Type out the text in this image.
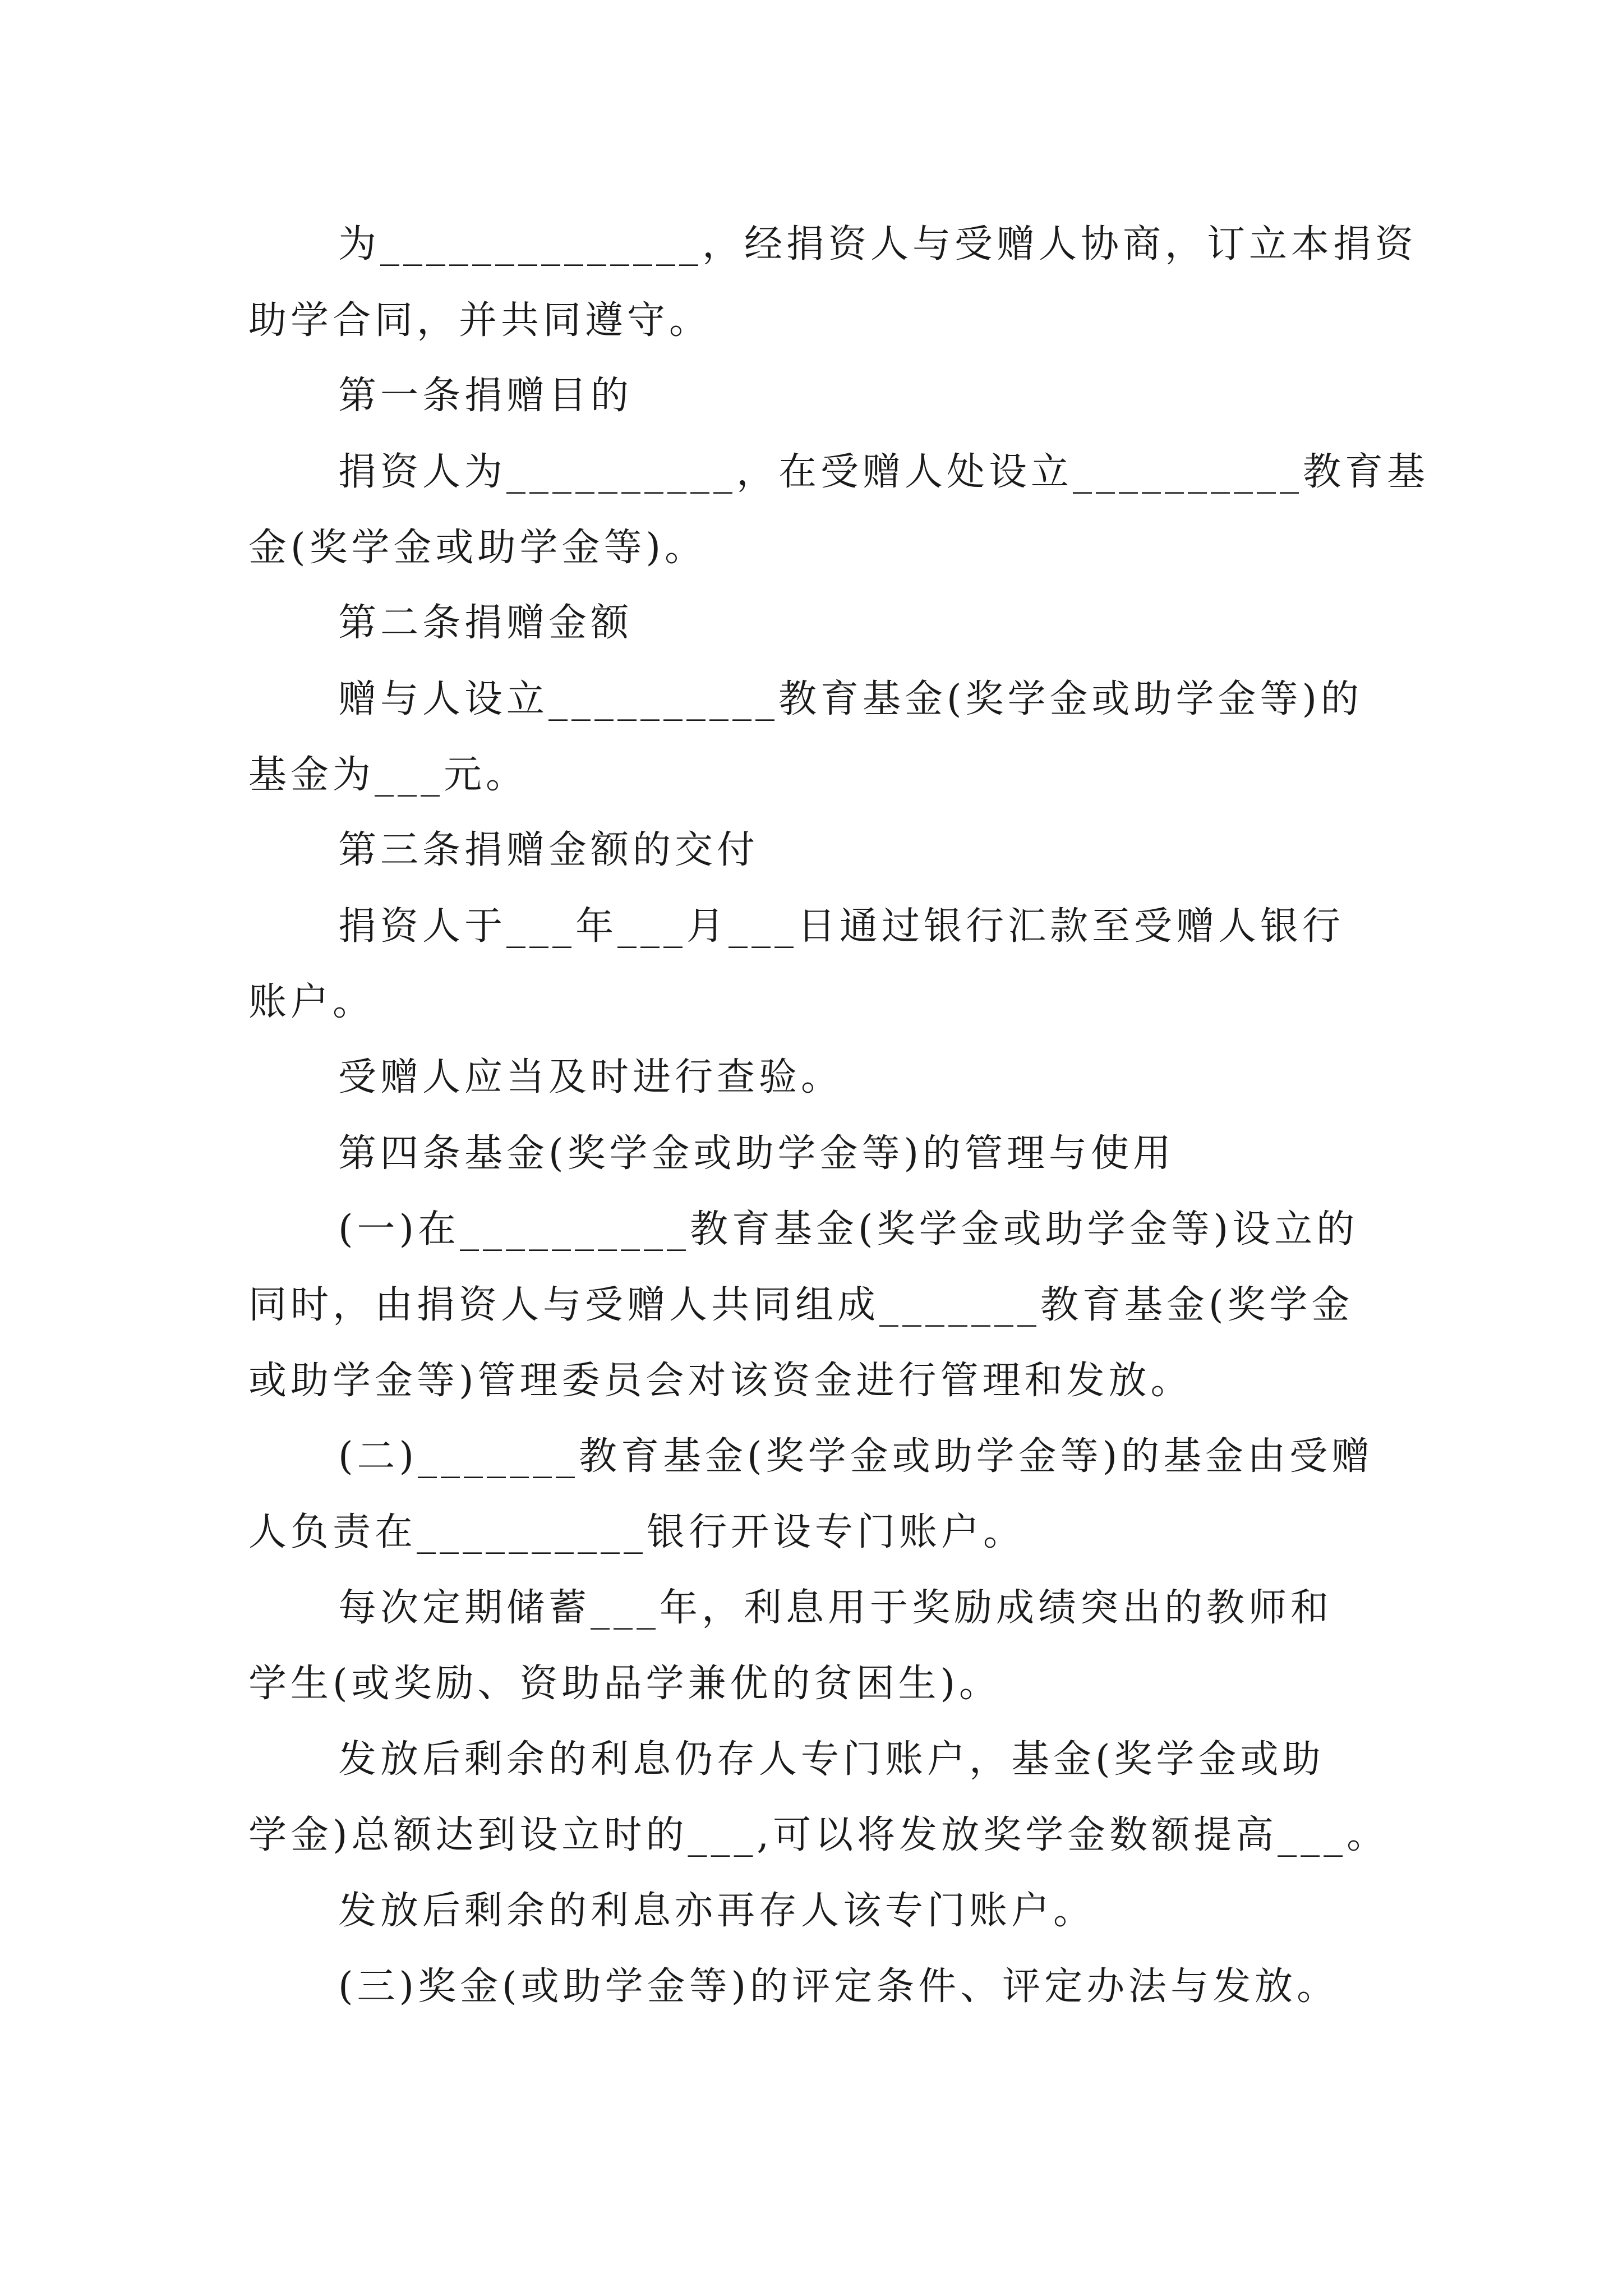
为______________，经捐资人与受赠人协商，订立本捐资
助学合同，并共同遵守。
第一条捐赠目的
捐资人为__________，在受赠人处设立__________教育基
金(奖学金或助学金等)。
第二条捐赠金额
赠与人设立__________教育基金(奖学金或助学金等)的
基金为___元。
第三条捐赠金额的交付
捐资人于___年___月___日通过银行汇款至受赠人银行
账户。
受赠人应当及时进行查验。
第四条基金(奖学金或助学金等)的管理与使用
(一)在__________教育基金(奖学金或助学金等)设立的
同时，由捐资人与受赠人共同组成_______教育基金(奖学金
或助学金等)管理委员会对该资金进行管理和发放。
(二)_______教育基金(奖学金或助学金等)的基金由受赠
人负责在__________银行开设专门账户。
每次定期储蓄___年，利息用于奖励成绩突出的教师和
学生(或奖励、资助品学兼优的贫困生)。
发放后剩余的利息仍存人专门账户，基金(奖学金或助
学金)总额达到设立时的___,可以将发放奖学金数额提高___。
发放后剩余的利息亦再存人该专门账户。
(三)奖金(或助学金等)的评定条件、评定办法与发放。
